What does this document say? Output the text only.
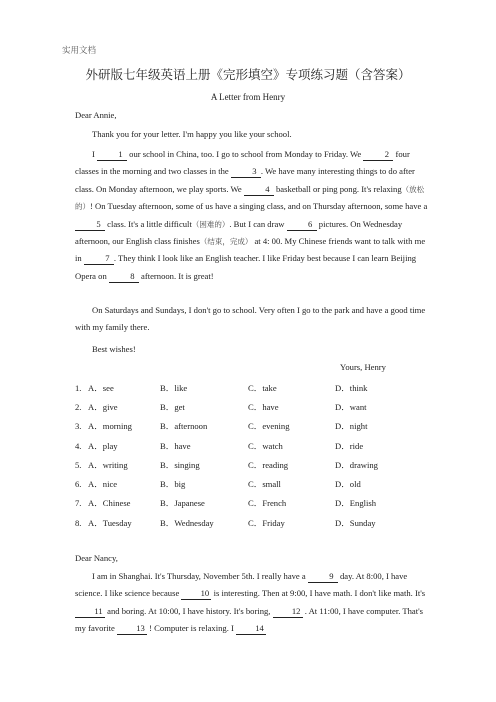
实用文档
外研版七年级英语上册《完形填空》专项练习题（含答案）
A Letter from Henry
Dear Annie,
Thank you for your letter. I'm happy you like your school.
I 1 our school in China, too. I go to school from Monday to Friday. We 2 four classes in the morning and two classes in the 3 . We have many interesting things to do after class. On Monday afternoon, we play sports. We 4 basketball or ping pong. It's relaxing（放松的）! On Tuesday afternoon, some of us have a singing class, and on Thursday afternoon, some have a 5 class. It's a little difficult（困难的）. But I can draw 6 pictures. On Wednesday afternoon, our English class finishes（结束，完成） at 4: 00. My Chinese friends want to talk with me in 7 . They think I look like an English teacher. I like Friday best because I can learn Beijing Opera on 8 afternoon. It is great!
On Saturdays and Sundays, I don't go to school. Very often I go to the park and have a good time with my family there.
Best wishes!
Yours, Henry
1.	A．see	B．like	C．take	D．think
2.	A．give	B．get	C．have	D．want
3.	A．morning	B．afternoon	C．evening	D．night
4.	A．play	B．have	C．watch	D．ride
5.	A．writing	B．singing	C．reading	D．drawing
6.	A．nice	B．big	C．small	D．old
7.	A．Chinese	B．Japanese	C．French	D．English
8.	A．Tuesday	B．Wednesday	C．Friday	D．Sunday
Dear Nancy,
I am in Shanghai. It's Thursday, November 5th. I really have a 9 day. At 8:00, I have science. I like science because 10 is interesting. Then at 9:00, I have math. I don't like math. It's 11 and boring. At 10:00, I have history. It's boring, 12 . At 11:00, I have computer. That's my favorite 13 ! Computer is relaxing. I 14
